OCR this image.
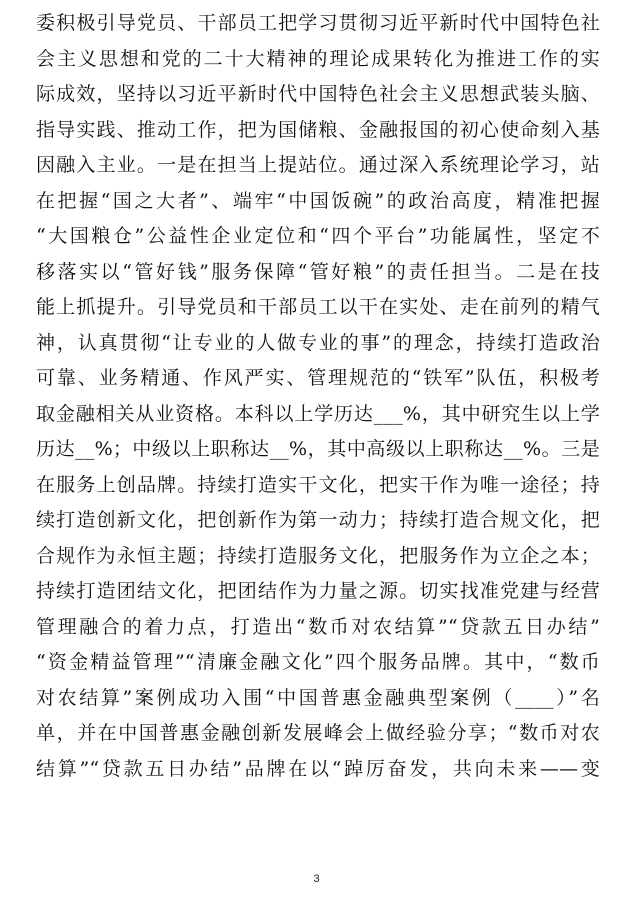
委积极引导党员、干部员工把学习贯彻习近平新时代中国特色社
会主义思想和党的二十大精神的理论成果转化为推进工作的实
际成效，坚持以习近平新时代中国特色社会主义思想武装头脑、
指导实践、推动工作，把为国储粮、金融报国的初心使命刻入基
因融入主业。一是在担当上提站位。通过深入系统理论学习，站
在把握“国之大者”、端牢“中国饭碗”的政治高度，精准把握
“大国粮仓”公益性企业定位和“四个平台”功能属性，坚定不
移落实以“管好钱”服务保障“管好粮”的责任担当。二是在技
能上抓提升。引导党员和干部员工以干在实处、走在前列的精气
神，认真贯彻“让专业的人做专业的事”的理念，持续打造政治
可靠、业务精通、作风严实、管理规范的“铁军”队伍，积极考
取金融相关从业资格。本科以上学历达___%，其中研究生以上学
历达__%；中级以上职称达__%，其中高级以上职称达__%。三是
在服务上创品牌。持续打造实干文化，把实干作为唯一途径；持
续打造创新文化，把创新作为第一动力；持续打造合规文化，把
合规作为永恒主题；持续打造服务文化，把服务作为立企之本；
持续打造团结文化，把团结作为力量之源。切实找准党建与经营
管理融合的着力点，打造出“数币对农结算”“贷款五日办结”
“资金精益管理”“清廉金融文化”四个服务品牌。其中，“数币
对农结算”案例成功入围“中国普惠金融典型案例（____）”名
单，并在中国普惠金融创新发展峰会上做经验分享；“数币对农
结算”“贷款五日办结”品牌在以“踔厉奋发，共向未来——变
3
